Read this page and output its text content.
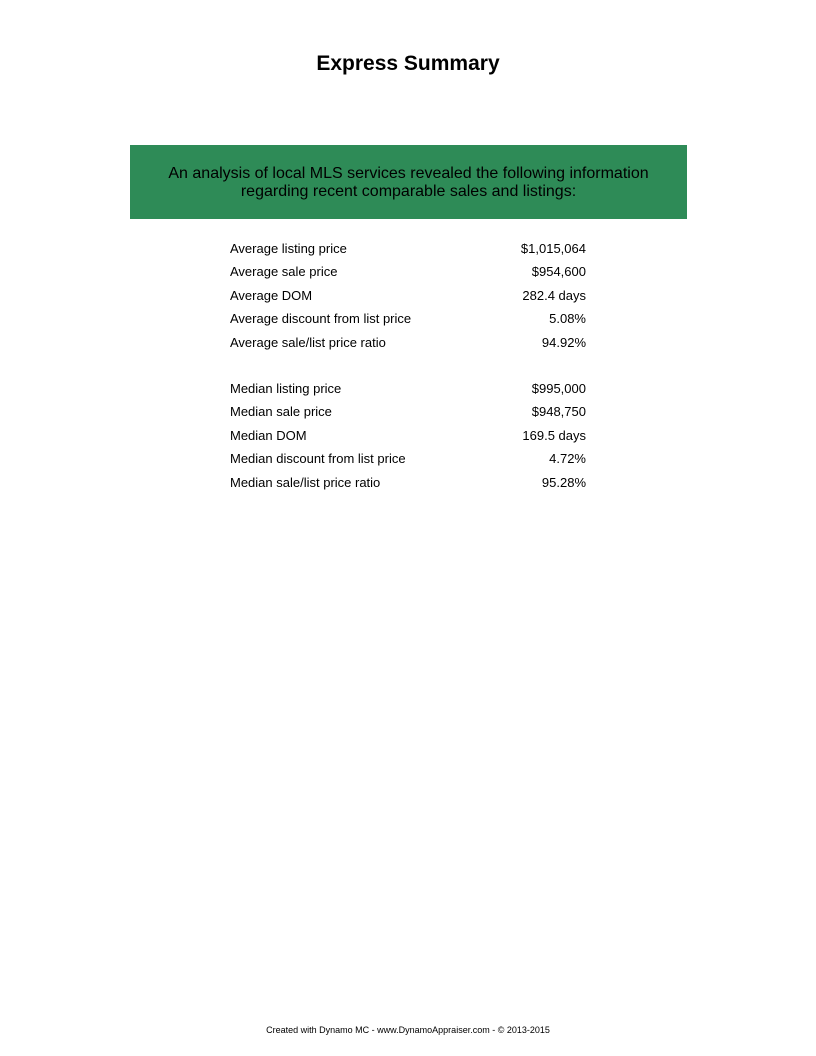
Express Summary
An analysis of local MLS services revealed the following information
regarding recent comparable sales and listings:
Average listing price	$1,015,064
Average sale price	$954,600
Average DOM	282.4 days
Average discount from list price	5.08%
Average sale/list price ratio	94.92%
Median listing price	$995,000
Median sale price	$948,750
Median DOM	169.5 days
Median discount from list price	4.72%
Median sale/list price ratio	95.28%
Created with Dynamo MC - www.DynamoAppraiser.com - © 2013-2015
